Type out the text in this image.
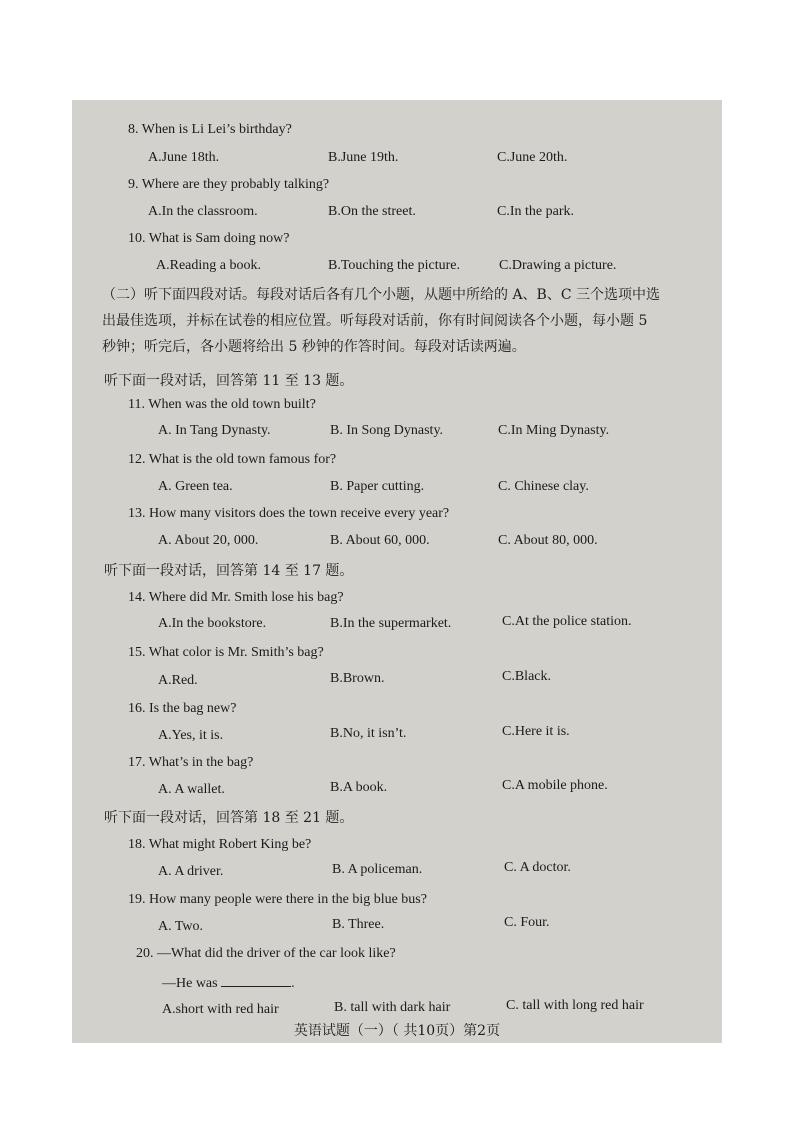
8. When is Li Lei’s birthday?
A.June 18th.	B.June 19th.	C.June 20th.
9. Where are they probably talking?
A.In the classroom.	B.On the street.	C.In the park.
10. What is Sam doing now?
A.Reading a book.	B.Touching the picture.	C.Drawing a picture.
（二）听下面四段对话。每段对话后各有几个小题，从题中所给的 A、B、C 三个选项中选出最佳选项，并标在试卷的相应位置。听每段对话前，你有时间阅读各个小题，每小题 5 秒钟；听完后，各小题将给出 5 秒钟的作答时间。每段对话读两遍。
听下面一段对话，回答第 11 至 13 题。
11. When was the old town built?
A. In Tang Dynasty.	B. In Song Dynasty.	C.In Ming Dynasty.
12. What is the old town famous for?
A. Green tea.	B. Paper cutting.	C. Chinese clay.
13. How many visitors does the town receive every year?
A. About 20, 000.	B. About 60, 000.	C. About 80, 000.
听下面一段对话，回答第 14 至 17 题。
14. Where did Mr. Smith lose his bag?
A.In the bookstore.	B.In the supermarket.	C.At the police station.
15. What color is Mr. Smith’s bag?
A.Red.	B.Brown.	C.Black.
16. Is the bag new?
A.Yes, it is.	B.No, it isn’t.	C.Here it is.
17. What’s in the bag?
A. A wallet.	B.A book.	C.A mobile phone.
听下面一段对话，回答第 18 至 21 题。
18. What might Robert King be?
A. A driver.	B. A policeman.	C. A doctor.
19. How many people were there in the big blue bus?
A. Two.	B. Three.	C. Four.
20. —What did the driver of the car look like?
—He was	.
A.short with red hair	B. tall with dark hair	C. tall with long red hair
英语试题（一）（ 共10页）第2页
